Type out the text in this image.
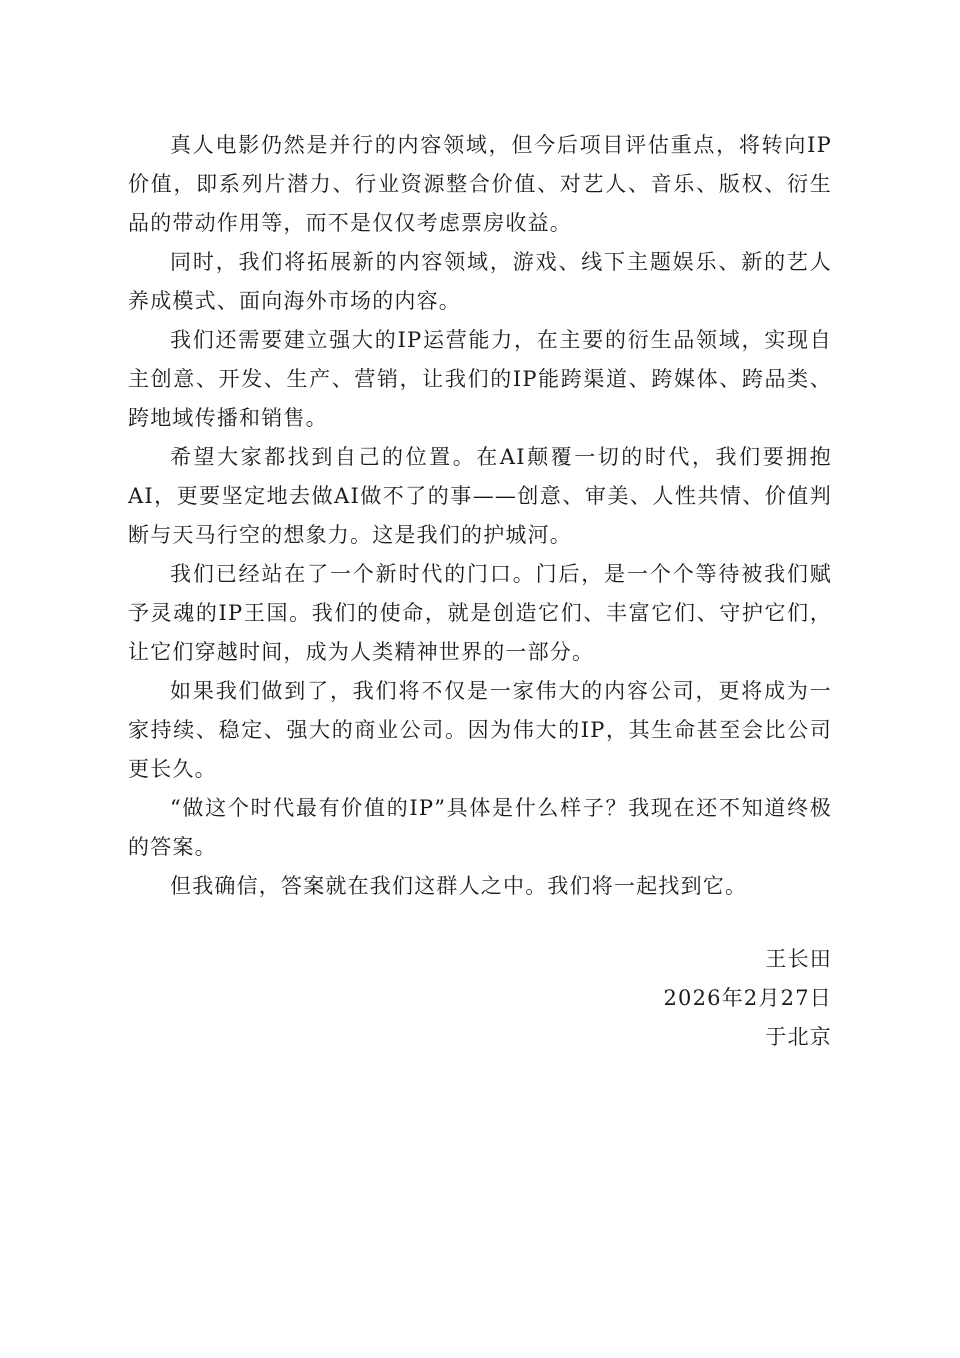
真人电影仍然是并行的内容领域，但今后项目评估重点，将转向IP价值，即系列片潜力、行业资源整合价值、对艺人、音乐、版权、衍生品的带动作用等，而不是仅仅考虑票房收益。

同时，我们将拓展新的内容领域，游戏、线下主题娱乐、新的艺人养成模式、面向海外市场的内容。

我们还需要建立强大的IP运营能力，在主要的衍生品领域，实现自主创意、开发、生产、营销，让我们的IP能跨渠道、跨媒体、跨品类、跨地域传播和销售。

希望大家都找到自己的位置。在AI颠覆一切的时代，我们要拥抱AI，更要坚定地去做AI做不了的事——创意、审美、人性共情、价值判断与天马行空的想象力。这是我们的护城河。

我们已经站在了一个新时代的门口。门后，是一个个等待被我们赋予灵魂的IP王国。我们的使命，就是创造它们、丰富它们、守护它们，让它们穿越时间，成为人类精神世界的一部分。

如果我们做到了，我们将不仅是一家伟大的内容公司，更将成为一家持续、稳定、强大的商业公司。因为伟大的IP，其生命甚至会比公司更长久。

“做这个时代最有价值的IP”具体是什么样子？我现在还不知道终极的答案。

但我确信，答案就在我们这群人之中。我们将一起找到它。

王长田
2026年2月27日
于北京
